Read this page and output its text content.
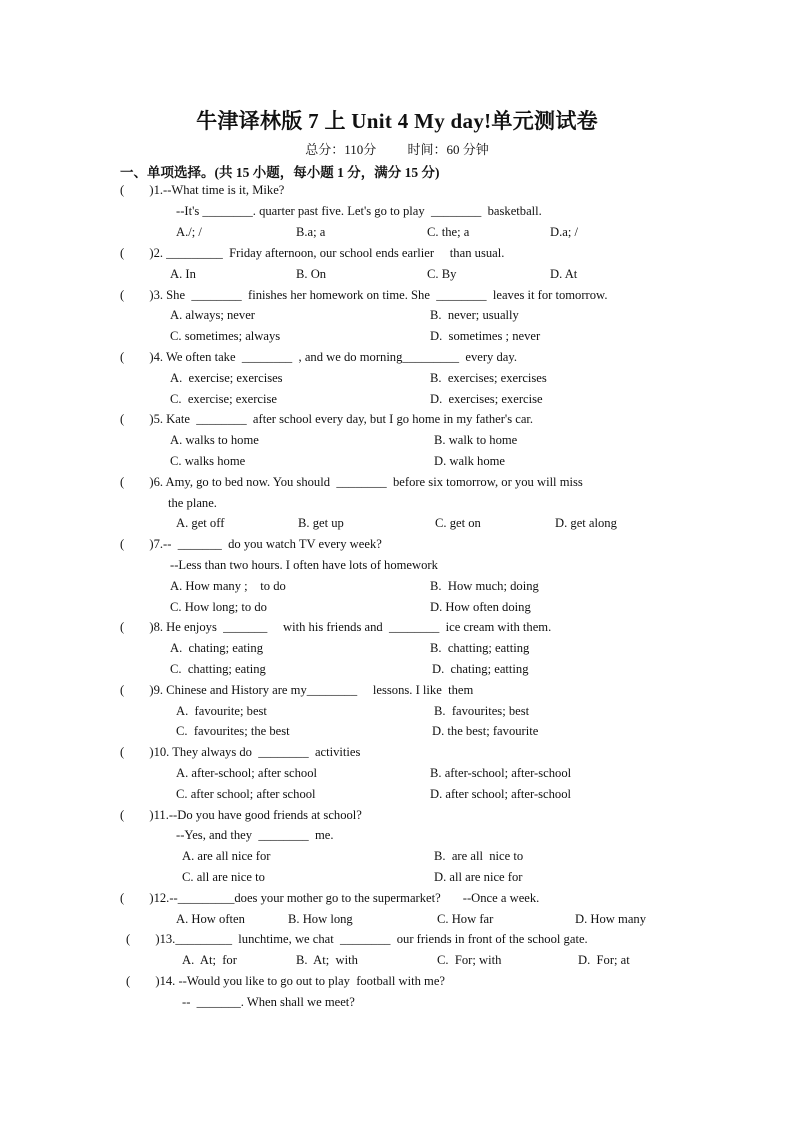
牛津译林版 7 上 Unit 4 My day!单元测试卷
总分：110分 时间：60 分钟
一、单项选择。(共 15 小题，每小题 1 分，满分 15 分)
(        )1.--What time is it, Mike?
--It's ________. quarter past five. Let's go to play  ________  basketball.
A./; /	B.a; a	C. the; a	D.a; /
(        )2. _________  Friday afternoon, our school ends earlier     than usual.
A. In	B. On	C. By	D. At
(        )3. She  ________  finishes her homework on time. She  ________  leaves it for tomorrow.
A. always; never	B.  never; usually
C. sometimes; always	D.  sometimes ; never
(        )4. We often take  ________  , and we do morning_________  every day.
A.  exercise; exercises	B.  exercises; exercises
C.  exercise; exercise	D.  exercises; exercise
(        )5. Kate  ________  after school every day, but I go home in my father's car.
A. walks to home	B. walk to home
C. walks home	D. walk home
(        )6. Amy, go to bed now. You should  ________  before six tomorrow, or you will miss
the plane.
A. get off	B. get up	C. get on	D. get along
(        )7.--  _______  do you watch TV every week?
--Less than two hours. I often have lots of homework
A. How many ;    to do	B.  How much; doing
C. How long; to do	D. How often doing
(        )8. He enjoys  _______     with his friends and  ________  ice cream with them.
A.  chating; eating	B.  chatting; eatting
C.  chatting; eating	D.  chating; eatting
(        )9. Chinese and History are my________     lessons. I like  them
A.  favourite; best	B.  favourites; best
C.  favourites; the best	D. the best; favourite
(        )10. They always do  ________  activities
A. after-school; after school	B. after-school; after-school
C. after school; after school	D. after school; after-school
(        )11.--Do you have good friends at school?
--Yes, and they  ________  me.
A. are all nice for	B.  are all  nice to
C. all are nice to	D. all are nice for
(        )12.--_________does your mother go to the supermarket?       --Once a week.
A. How often	B. How long	C. How far	D. How many
(        )13._________  lunchtime, we chat  ________  our friends in front of the school gate.
A.  At;  for	B.  At;  with	C.  For; with	D.  For; at
(        )14. --Would you like to go out to play  football with me?
--  _______. When shall we meet?
